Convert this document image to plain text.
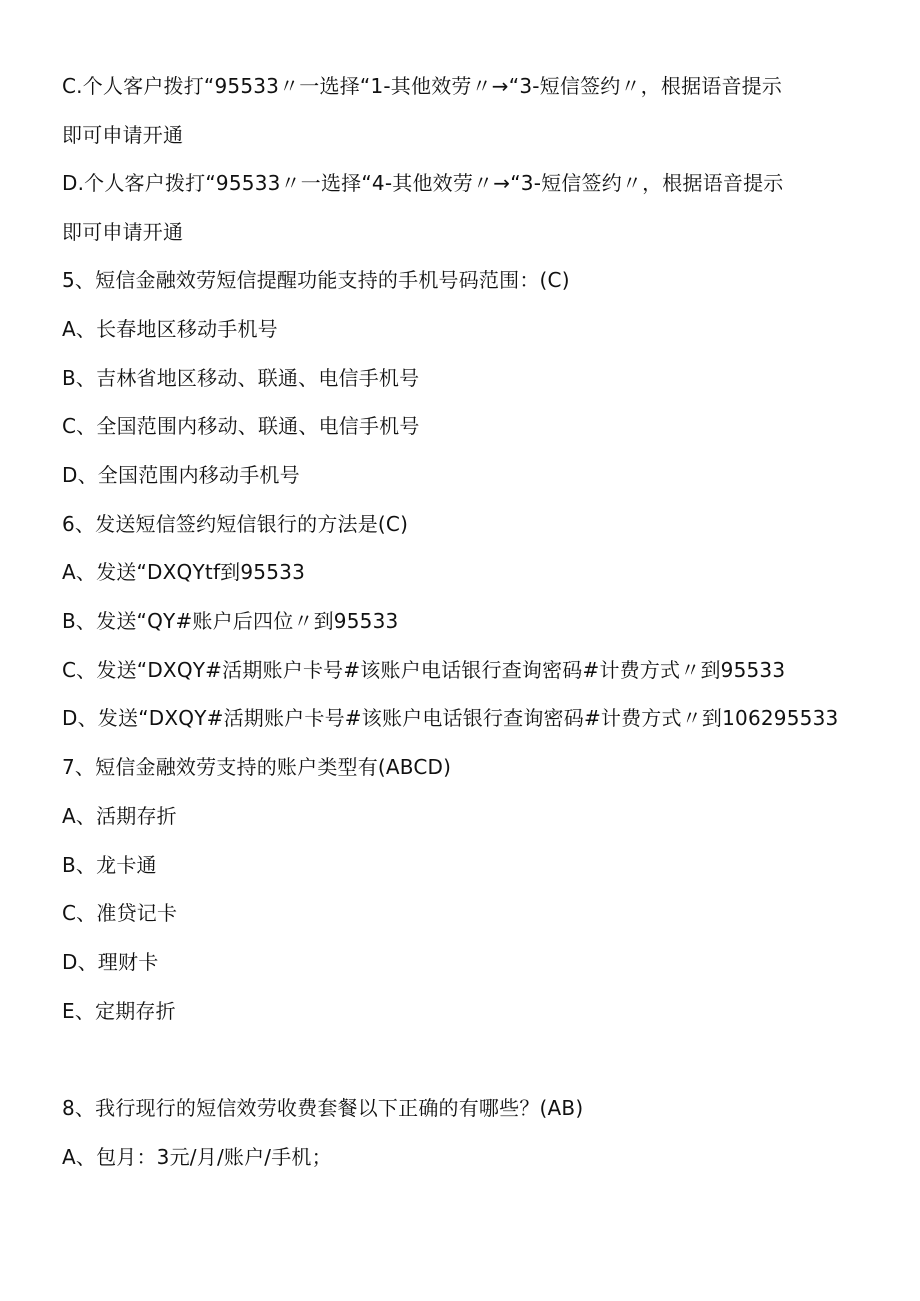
C.个人客户拨打“95533〃一选择“1-其他效劳〃→“3-短信签约〃，根据语音提示
即可申请开通
D.个人客户拨打“95533〃一选择“4-其他效劳〃→“3-短信签约〃，根据语音提示
即可申请开通
5、短信金融效劳短信提醒功能支持的手机号码范围：(C)
A、长春地区移动手机号
B、吉林省地区移动、联通、电信手机号
C、全国范围内移动、联通、电信手机号
D、全国范围内移动手机号
6、发送短信签约短信银行的方法是(C)
A、发送“DXQYtf到95533
B、发送“QY#账户后四位〃到95533
C、发送“DXQY#活期账户卡号#该账户电话银行查询密码#计费方式〃到95533
D、发送“DXQY#活期账户卡号#该账户电话银行查询密码#计费方式〃到106295533
7、短信金融效劳支持的账户类型有(ABCD)
A、活期存折
B、龙卡通
C、准贷记卡
D、理财卡
E、定期存折
8、我行现行的短信效劳收费套餐以下正确的有哪些？(AB)
A、包月：3元/月/账户/手机；
